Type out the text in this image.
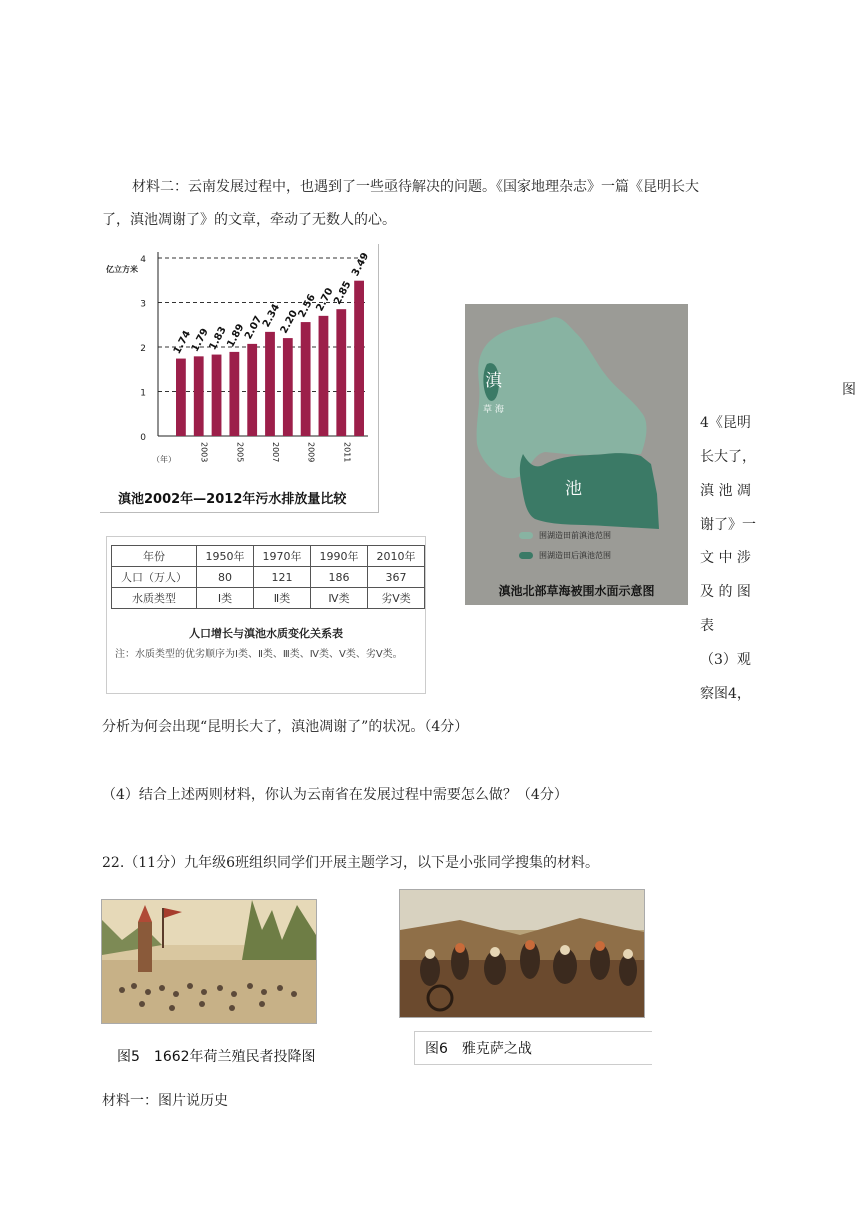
材料二：云南发展过程中，也遇到了一些亟待解决的问题。《国家地理杂志》一篇《昆明长大
了，滇池凋谢了》的文章，牵动了无数人的心。
0
1
2
3
4
亿立方米
（年）
1.74
1.79
2003
1.83
1.89
2005
2.07
2.34
2007
2.20
2.56
2009
2.70
2.85
2011
3.49
滇池2002年—2012年污水排放量比较
年份	1950年	1970年	1990年	2010年
人口（万人）	80	121	186	367
水质类型	Ⅰ类	Ⅱ类	Ⅳ类	劣Ⅴ类
人口增长与滇池水质变化关系表
注：水质类型的优劣顺序为Ⅰ类、Ⅱ类、Ⅲ类、Ⅳ类、Ⅴ类、劣Ⅴ类。
滇
草 海
池
围湖造田前滇池范围
围湖造田后滇池范围
滇池北部草海被围水面示意图
图
4《昆明
长大了，
滇 池 凋
谢了》一
文 中 涉
及 的 图
表
（3）观
察图4，
分析为何会出现“昆明长大了，滇池凋谢了”的状况。（4分）
（4）结合上述两则材料，你认为云南省在发展过程中需要怎么做？（4分）
22.（11分）九年级6班组织同学们开展主题学习，以下是小张同学搜集的材料。
图5　1662年荷兰殖民者投降图	图6　雅克萨之战
材料一：图片说历史
